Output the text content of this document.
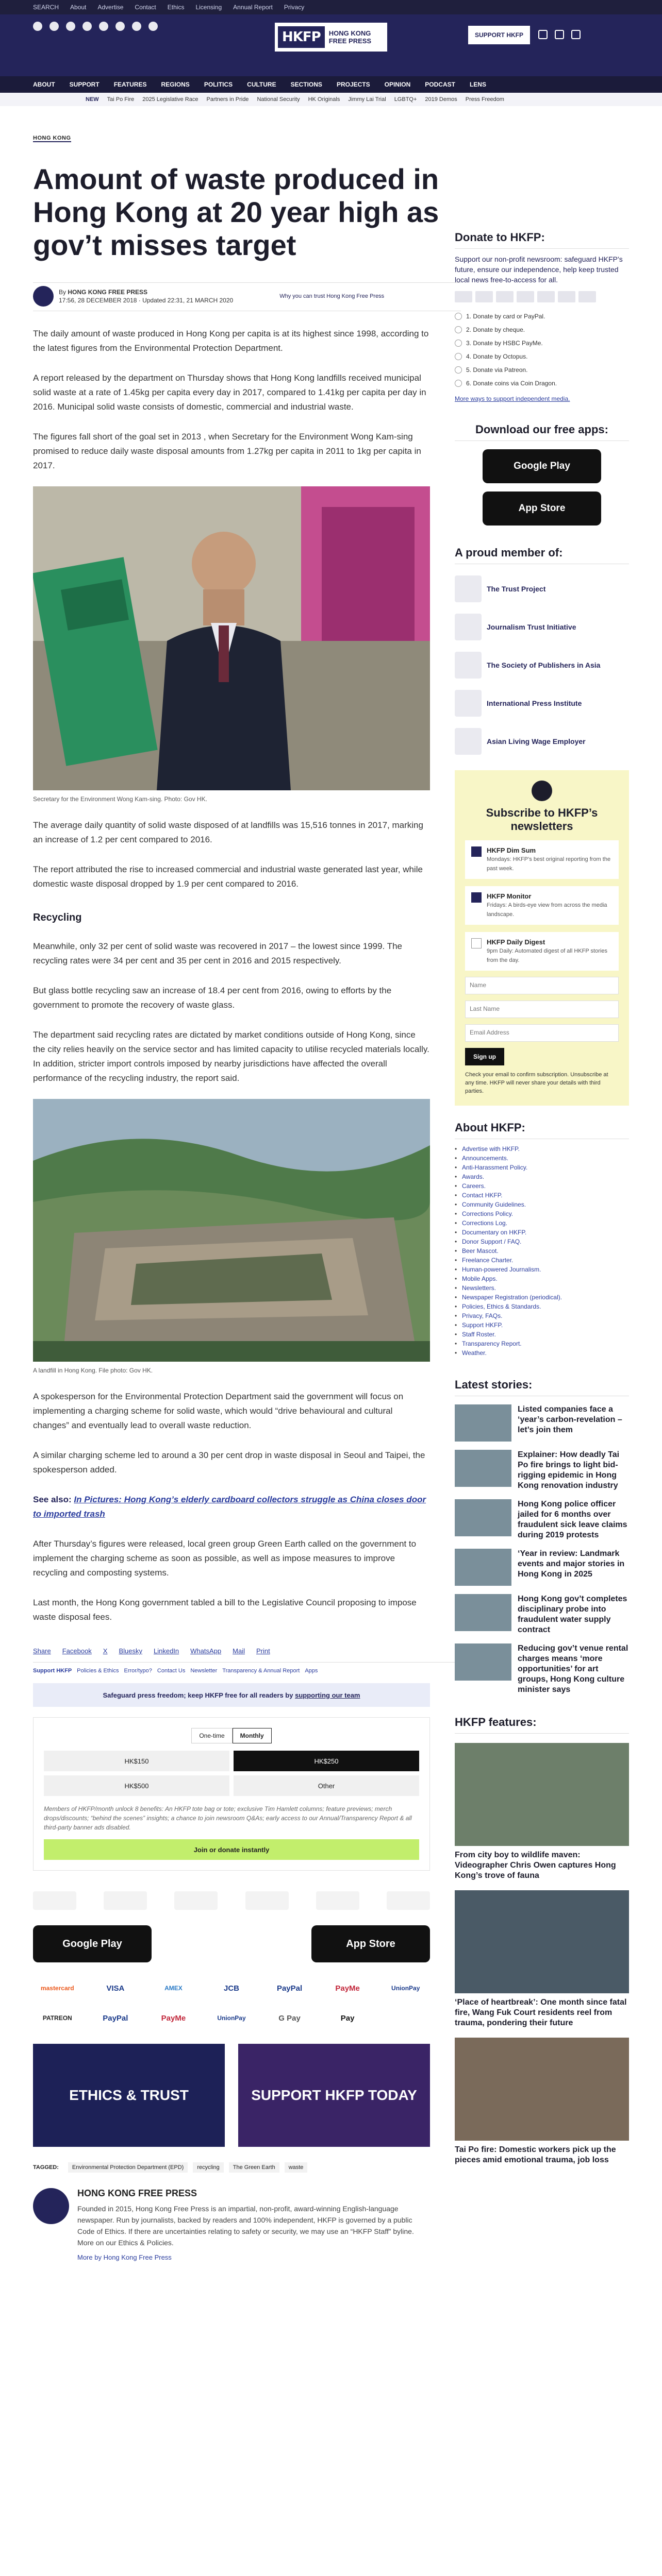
SEARCH About Advertise Contact Ethics Licensing Annual Report Privacy
HKFP	HONG KONG
FREE PRESS
SUPPORT HKFP
ABOUT SUPPORT FEATURES REGIONS POLITICS CULTURE SECTIONS PROJECTS OPINION PODCAST LENS
NEW Tai Po Fire 2025 Legislative Race Partners in Pride National Security HK Originals Jimmy Lai Trial LGBTQ+ 2019 Demos Press Freedom
HONG KONG
Amount of waste produced in Hong Kong at 20 year high as gov’t misses target
By HONG KONG FREE PRESS
17:56, 28 DECEMBER 2018 · Updated 22:31, 21 MARCH 2020
Why you can trust Hong Kong Free Press

The daily amount of waste produced in Hong Kong per capita is at its highest since 1998, according to the latest figures from the Environmental Protection Department.

A report released by the department on Thursday shows that Hong Kong landfills received municipal solid waste at a rate of 1.45kg per capita every day in 2017, compared to 1.41kg per capita per day in 2016. Municipal solid waste consists of domestic, commercial and industrial waste.

The figures fall short of the goal set in 2013 , when Secretary for the Environment Wong Kam-sing promised to reduce daily waste disposal amounts from 1.27kg per capita in 2011 to 1kg per capita in 2017.

Secretary for the Environment Wong Kam-sing. Photo: Gov HK.

The average daily quantity of solid waste disposed of at landfills was 15,516 tonnes in 2017, marking an increase of 1.2 per cent compared to 2016.

The report attributed the rise to increased commercial and industrial waste generated last year, while domestic waste disposal dropped by 1.9 per cent compared to 2016.

Recycling

Meanwhile, only 32 per cent of solid waste was recovered in 2017 – the lowest since 1999. The recycling rates were 34 per cent and 35 per cent in 2016 and 2015 respectively.

But glass bottle recycling saw an increase of 18.4 per cent from 2016, owing to efforts by the government to promote the recovery of waste glass.

The department said recycling rates are dictated by market conditions outside of Hong Kong, since the city relies heavily on the service sector and has limited capacity to utilise recycled materials locally. In addition, stricter import controls imposed by nearby jurisdictions have affected the overall performance of the recycling industry, the report said.

A landfill in Hong Kong. File photo: Gov HK.

A spokesperson for the Environmental Protection Department said the government will focus on implementing a charging scheme for solid waste, which would “drive behavioural and cultural changes” and eventually lead to overall waste reduction.

A similar charging scheme led to around a 30 per cent drop in waste disposal in Seoul and Taipei, the spokesperson added.

See also: In Pictures: Hong Kong’s elderly cardboard collectors struggle as China closes door to imported trash

After Thursday’s figures were released, local green group Green Earth called on the government to implement the charging scheme as soon as possible, as well as impose measures to improve recycling and composting systems.

Last month, the Hong Kong government tabled a bill to the Legislative Council proposing to impose waste disposal fees.

Share Facebook X Bluesky LinkedIn WhatsApp Mail Print
Support HKFP Policies & Ethics Error/typo? Contact Us Newsletter Transparency & Annual Report Apps
Safeguard press freedom; keep HKFP free for all readers by
supporting our team
One-time	Monthly
HK$150	HK$250
HK$500	Other
Members of HKFP/month unlock 8 benefits: An HKFP tote bag or tote; exclusive Tim Hamlett columns; feature previews; merch drops/discounts; “behind the scenes” insights; a chance to join newsroom Q&As; early access to our Annual/Transparency Report & all third-party banner ads disabled.
Join or donate instantly
Google Play	App Store
mastercard	VISA	AMEX	JCB	PayPal	PayMe	UnionPay
PATREON	PayPal	PayMe	UnionPay	G Pay	Pay
ETHICS & TRUST	SUPPORT HKFP TODAY
TAGGED:	Environmental Protection Department (EPD)	recycling	The Green Earth	waste
HONG KONG FREE PRESS

Founded in 2015, Hong Kong Free Press is an impartial, non-profit, award-winning English-language newspaper. Run by journalists, backed by readers and 100% independent, HKFP is governed by a public Code of Ethics. If there are uncertainties relating to safety or security, we may use an “HKFP Staff” byline. More on our Ethics & Policies.

More by Hong Kong Free Press
Donate to HKFP:

Support our non-profit newsroom: safeguard HKFP’s future, ensure our independence, help keep trusted local news free-to-access for all.

1. Donate by card or PayPal.
2. Donate by cheque.
3. Donate by HSBC PayMe.
4. Donate by Octopus.
5. Donate via Patreon.
6. Donate coins via Coin Dragon.
More ways to support independent media.
Download our free apps:
Google Play
App Store
A proud member of:
The Trust Project
Journalism Trust Initiative
The Society of Publishers in Asia
International Press Institute
Asian Living Wage Employer
Subscribe to HKFP’s newsletters
HKFP Dim Sum
Mondays: HKFP’s best original reporting from the past week.
HKFP Monitor
Fridays: A birds-eye view from across the media landscape.
HKFP Daily Digest
9pm Daily: Automated digest of all HKFP stories from the day.
Name
Last Name
Email Address
Sign up
Check your email to confirm subscription. Unsubscribe at any time. HKFP will never share your details with third parties.
About HKFP:
• Advertise with HKFP.
• Announcements.
• Anti-Harassment Policy.
• Awards.
• Careers.
• Contact HKFP.
• Community Guidelines.
• Corrections Policy.
• Corrections Log.
• Documentary on HKFP.
• Donor Support / FAQ.
• Beer Mascot.
• Freelance Charter.
• Human-powered Journalism.
• Mobile Apps.
• Newsletters.
• Newspaper Registration (periodical).
• Policies, Ethics & Standards.
• Privacy, FAQs.
• Support HKFP.
• Staff Roster.
• Transparency Report.
• Weather.
Latest stories:
Listed companies face a ‘year’s carbon-revelation – let’s join them
Explainer: How deadly Tai Po fire brings to light bid-rigging epidemic in Hong Kong renovation industry
Hong Kong police officer jailed for 6 months over fraudulent sick leave claims during 2019 protests
‘Year in review: Landmark events and major stories in Hong Kong in 2025
Hong Kong gov’t completes disciplinary probe into fraudulent water supply contract
Reducing gov’t venue rental charges means ‘more opportunities’ for art groups, Hong Kong culture minister says
HKFP features:
From city boy to wildlife maven: Videographer Chris Owen captures Hong Kong’s trove of fauna
‘Place of heartbreak’: One month since fatal fire, Wang Fuk Court residents reel from trauma, pondering their future
Tai Po fire: Domestic workers pick up the pieces amid emotional trauma, job loss
